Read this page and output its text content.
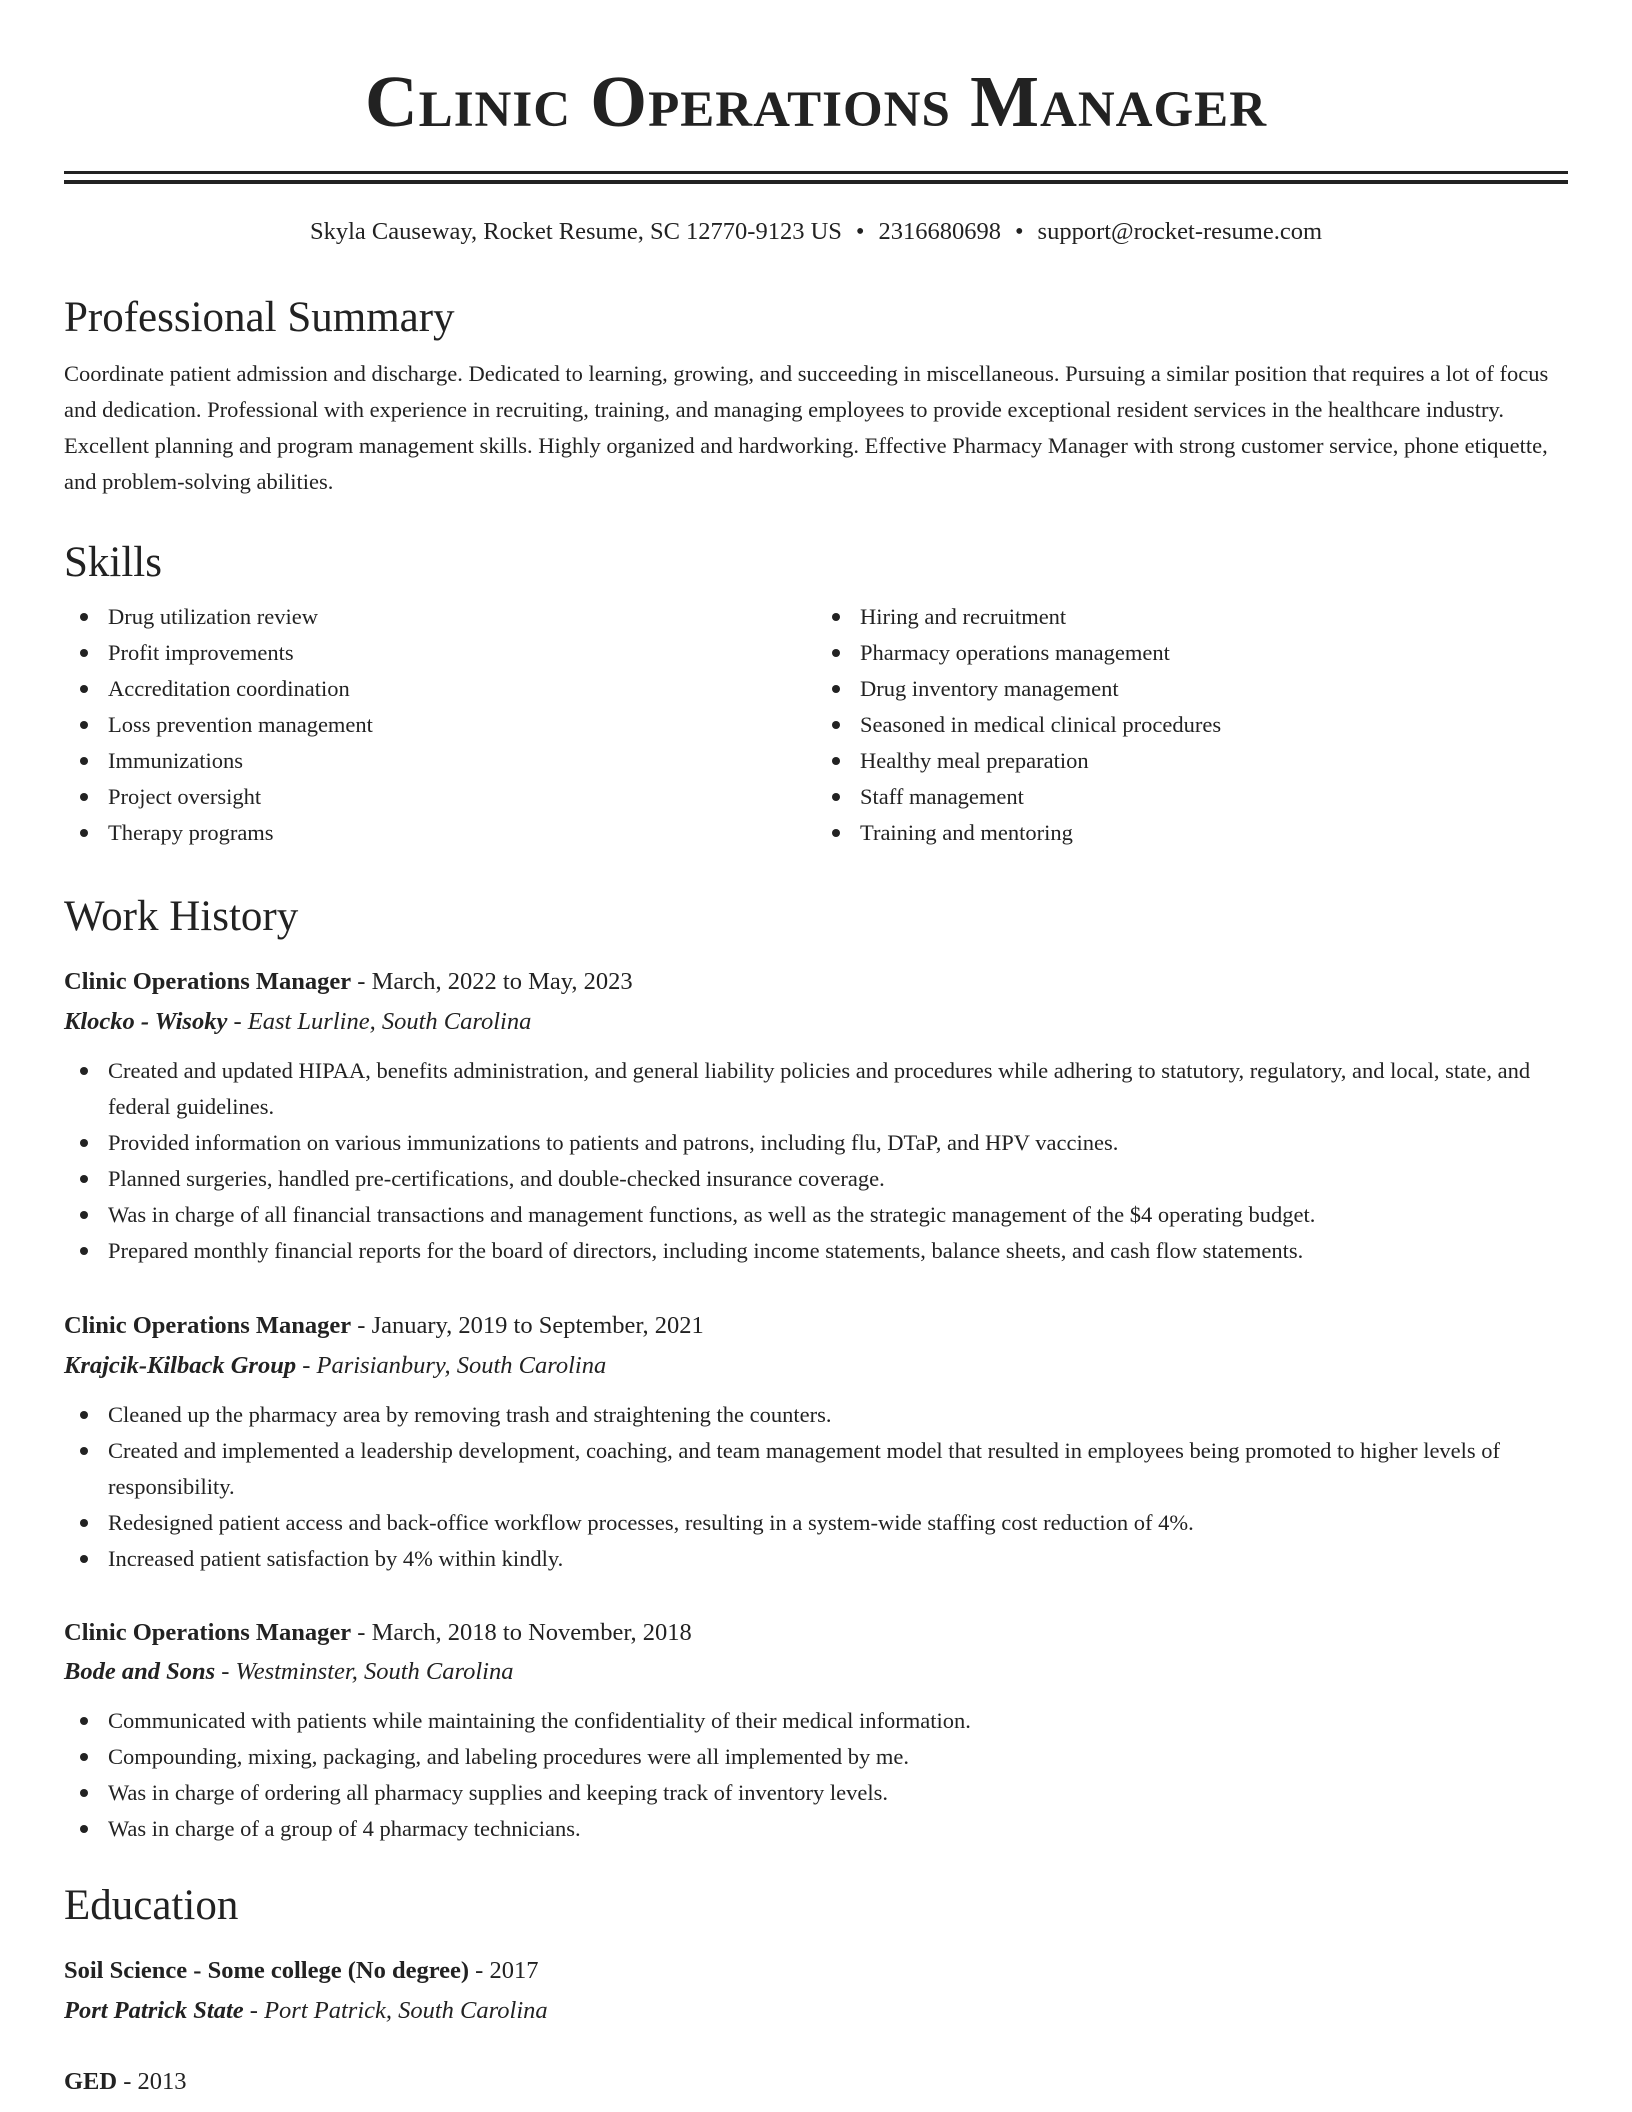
Clinic Operations Manager
Skyla Causeway, Rocket Resume, SC 12770-9123 US • 2316680698 • support@rocket-resume.com
Professional Summary

Coordinate patient admission and discharge. Dedicated to learning, growing, and succeeding in miscellaneous. Pursuing a similar position that requires a lot of focus and dedication. Professional with experience in recruiting, training, and managing employees to provide exceptional resident services in the healthcare industry. Excellent planning and program management skills. Highly organized and hardworking. Effective Pharmacy Manager with strong customer service, phone etiquette, and problem-solving abilities.

Skills
Drug utilization review
Profit improvements
Accreditation coordination
Loss prevention management
Immunizations
Project oversight
Therapy programs
Hiring and recruitment
Pharmacy operations management
Drug inventory management
Seasoned in medical clinical procedures
Healthy meal preparation
Staff management
Training and mentoring
Work History
Clinic Operations Manager - March, 2022 to May, 2023
Klocko - Wisoky - East Lurline, South Carolina
Created and updated HIPAA, benefits administration, and general liability policies and procedures while adhering to statutory, regulatory, and local, state, and federal guidelines.
Provided information on various immunizations to patients and patrons, including flu, DTaP, and HPV vaccines.
Planned surgeries, handled pre-certifications, and double-checked insurance coverage.
Was in charge of all financial transactions and management functions, as well as the strategic management of the $4 operating budget.
Prepared monthly financial reports for the board of directors, including income statements, balance sheets, and cash flow statements.
Clinic Operations Manager - January, 2019 to September, 2021
Krajcik-Kilback Group - Parisianbury, South Carolina
Cleaned up the pharmacy area by removing trash and straightening the counters.
Created and implemented a leadership development, coaching, and team management model that resulted in employees being promoted to higher levels of responsibility.
Redesigned patient access and back-office workflow processes, resulting in a system-wide staffing cost reduction of 4%.
Increased patient satisfaction by 4% within kindly.
Clinic Operations Manager - March, 2018 to November, 2018
Bode and Sons - Westminster, South Carolina
Communicated with patients while maintaining the confidentiality of their medical information.
Compounding, mixing, packaging, and labeling procedures were all implemented by me.
Was in charge of ordering all pharmacy supplies and keeping track of inventory levels.
Was in charge of a group of 4 pharmacy technicians.
Education
Soil Science - Some college (No degree) - 2017
Port Patrick State - Port Patrick, South Carolina
GED - 2013
